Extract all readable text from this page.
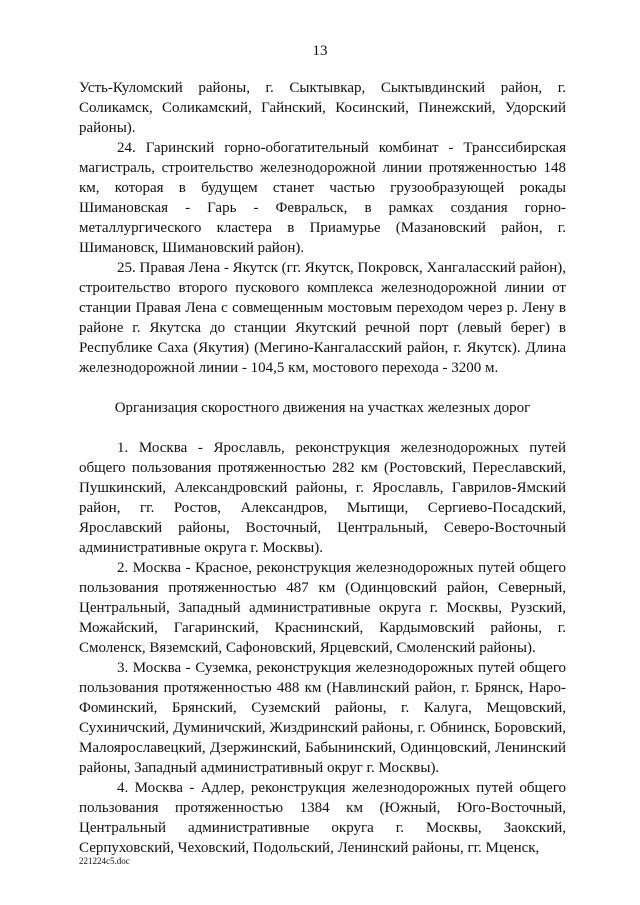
13

Усть-Куломский районы, г. Сыктывкар, Сыктывдинский район, г. Соликамск, Соликамский, Гайнский, Косинский, Пинежский, Удорский районы).

24. Гаринский горно-обогатительный комбинат - Транссибирская магистраль, строительство железнодорожной линии протяженностью 148 км, которая в будущем станет частью грузообразующей рокады Шимановская - Гарь - Февральск, в рамках создания горно-металлургического кластера в Приамурье (Мазановский район, г. Шимановск, Шимановский район).

25. Правая Лена - Якутск (гг. Якутск, Покровск, Хангаласский район), строительство второго пускового комплекса железнодорожной линии от станции Правая Лена с совмещенным мостовым переходом через р. Лену в районе г. Якутска до станции Якутский речной порт (левый берег) в Республике Саха (Якутия) (Мегино-Кангаласский район, г. Якутск). Длина железнодорожной линии - 104,5 км, мостового перехода - 3200 м.

Организация скоростного движения на участках железных дорог

1. Москва - Ярославль, реконструкция железнодорожных путей общего пользования протяженностью 282 км (Ростовский, Переславский, Пушкинский, Александровский районы, г. Ярославль, Гаврилов-Ямский район, гг. Ростов, Александров, Мытищи, Сергиево-Посадский, Ярославский районы, Восточный, Центральный, Северо-Восточный административные округа г. Москвы).

2. Москва - Красное, реконструкция железнодорожных путей общего пользования протяженностью 487 км (Одинцовский район, Северный, Центральный, Западный административные округа г. Москвы, Рузский, Можайский, Гагаринский, Краснинский, Кардымовский районы, г. Смоленск, Вяземский, Сафоновский, Ярцевский, Смоленский районы).

3. Москва - Суземка, реконструкция железнодорожных путей общего пользования протяженностью 488 км (Навлинский район, г. Брянск, Наро-Фоминский, Брянский, Суземский районы, г. Калуга, Мещовский, Сухиничский, Думиничский, Жиздринский районы, г. Обнинск, Боровский, Малоярославецкий, Дзержинский, Бабынинский, Одинцовский, Ленинский районы, Западный административный округ г. Москвы).

4. Москва - Адлер, реконструкция железнодорожных путей общего пользования протяженностью 1384 км (Южный, Юго-Восточный, Центральный административные округа г. Москвы, Заокский, Серпуховский, Чеховский, Подольский, Ленинский районы, гг. Мценск,

221224c5.doc
